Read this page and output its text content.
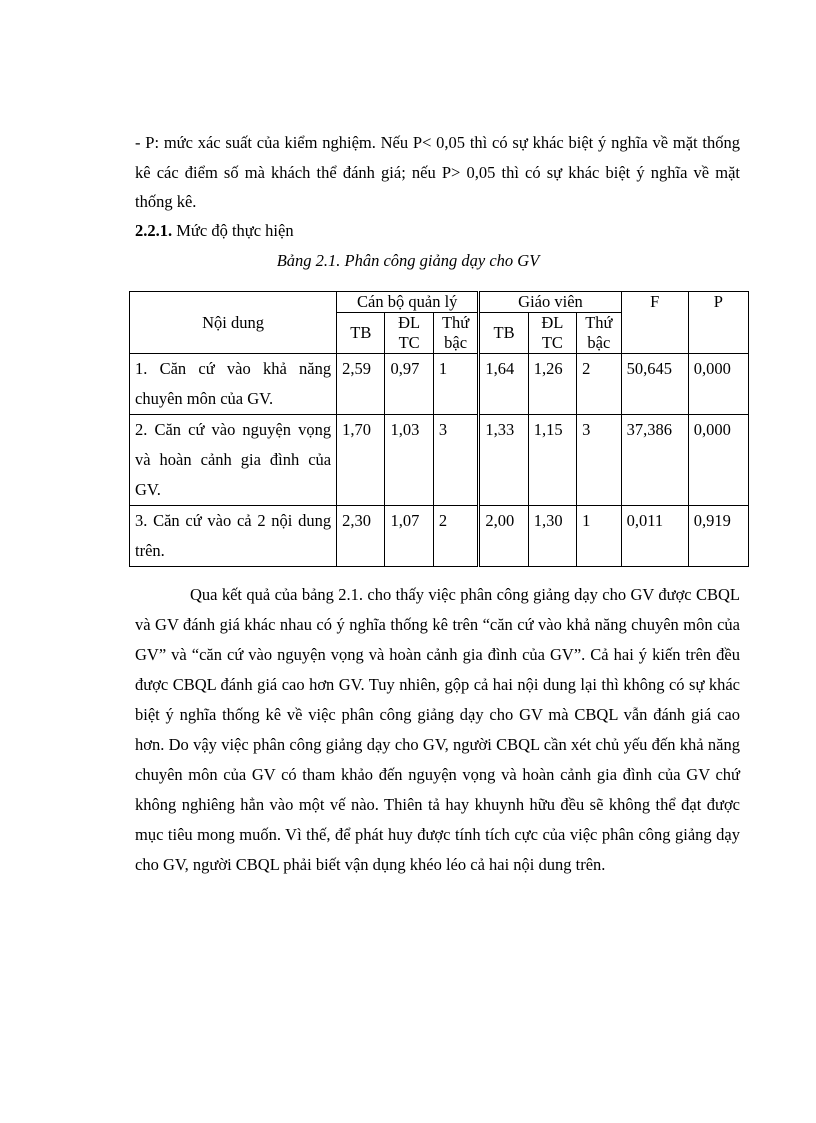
- P: mức xác suất của kiểm nghiệm. Nếu P< 0,05 thì có sự khác biệt ý nghĩa về mặt thống kê các điểm số mà khách thể đánh giá; nếu P> 0,05 thì có sự khác biệt ý nghĩa về mặt thống kê.

2.2.1. Mức độ thực hiện
Bảng 2.1. Phân công giảng dạy cho GV
Nội dung	Cán bộ quản lý			Giáo viên			F	P
	TB	ĐL TC	Thứ bậc	TB	ĐL TC	Thứ bậc		
1. Căn cứ vào khả năng chuyên môn của GV.	2,59	0,97	1	1,64	1,26	2	50,645	0,000
2. Căn cứ vào nguyện vọng và hoàn cảnh gia đình của GV.	1,70	1,03	3	1,33	1,15	3	37,386	0,000
3. Căn cứ vào cả 2 nội dung trên.	2,30	1,07	2	2,00	1,30	1	0,011	0,919

Qua kết quả của bảng 2.1. cho thấy việc phân công giảng dạy cho GV được CBQL và GV đánh giá khác nhau có ý nghĩa thống kê trên “căn cứ vào khả năng chuyên môn của GV” và “căn cứ vào nguyện vọng và hoàn cảnh gia đình của GV”. Cả hai ý kiến trên đều được CBQL đánh giá cao hơn GV. Tuy nhiên, gộp cả hai nội dung lại thì không có sự khác biệt ý nghĩa thống kê về việc phân công giảng dạy cho GV mà CBQL vẫn đánh giá cao hơn. Do vậy việc phân công giảng dạy cho GV, người CBQL cần xét chủ yếu đến khả năng chuyên môn của GV có tham khảo đến nguyện vọng và hoàn cảnh gia đình của GV chứ không nghiêng hẳn vào một vế nào. Thiên tả hay khuynh hữu đều sẽ không thể đạt được mục tiêu mong muốn. Vì thế, để phát huy được tính tích cực của việc phân công giảng dạy cho GV, người CBQL phải biết vận dụng khéo léo cả hai nội dung trên.
